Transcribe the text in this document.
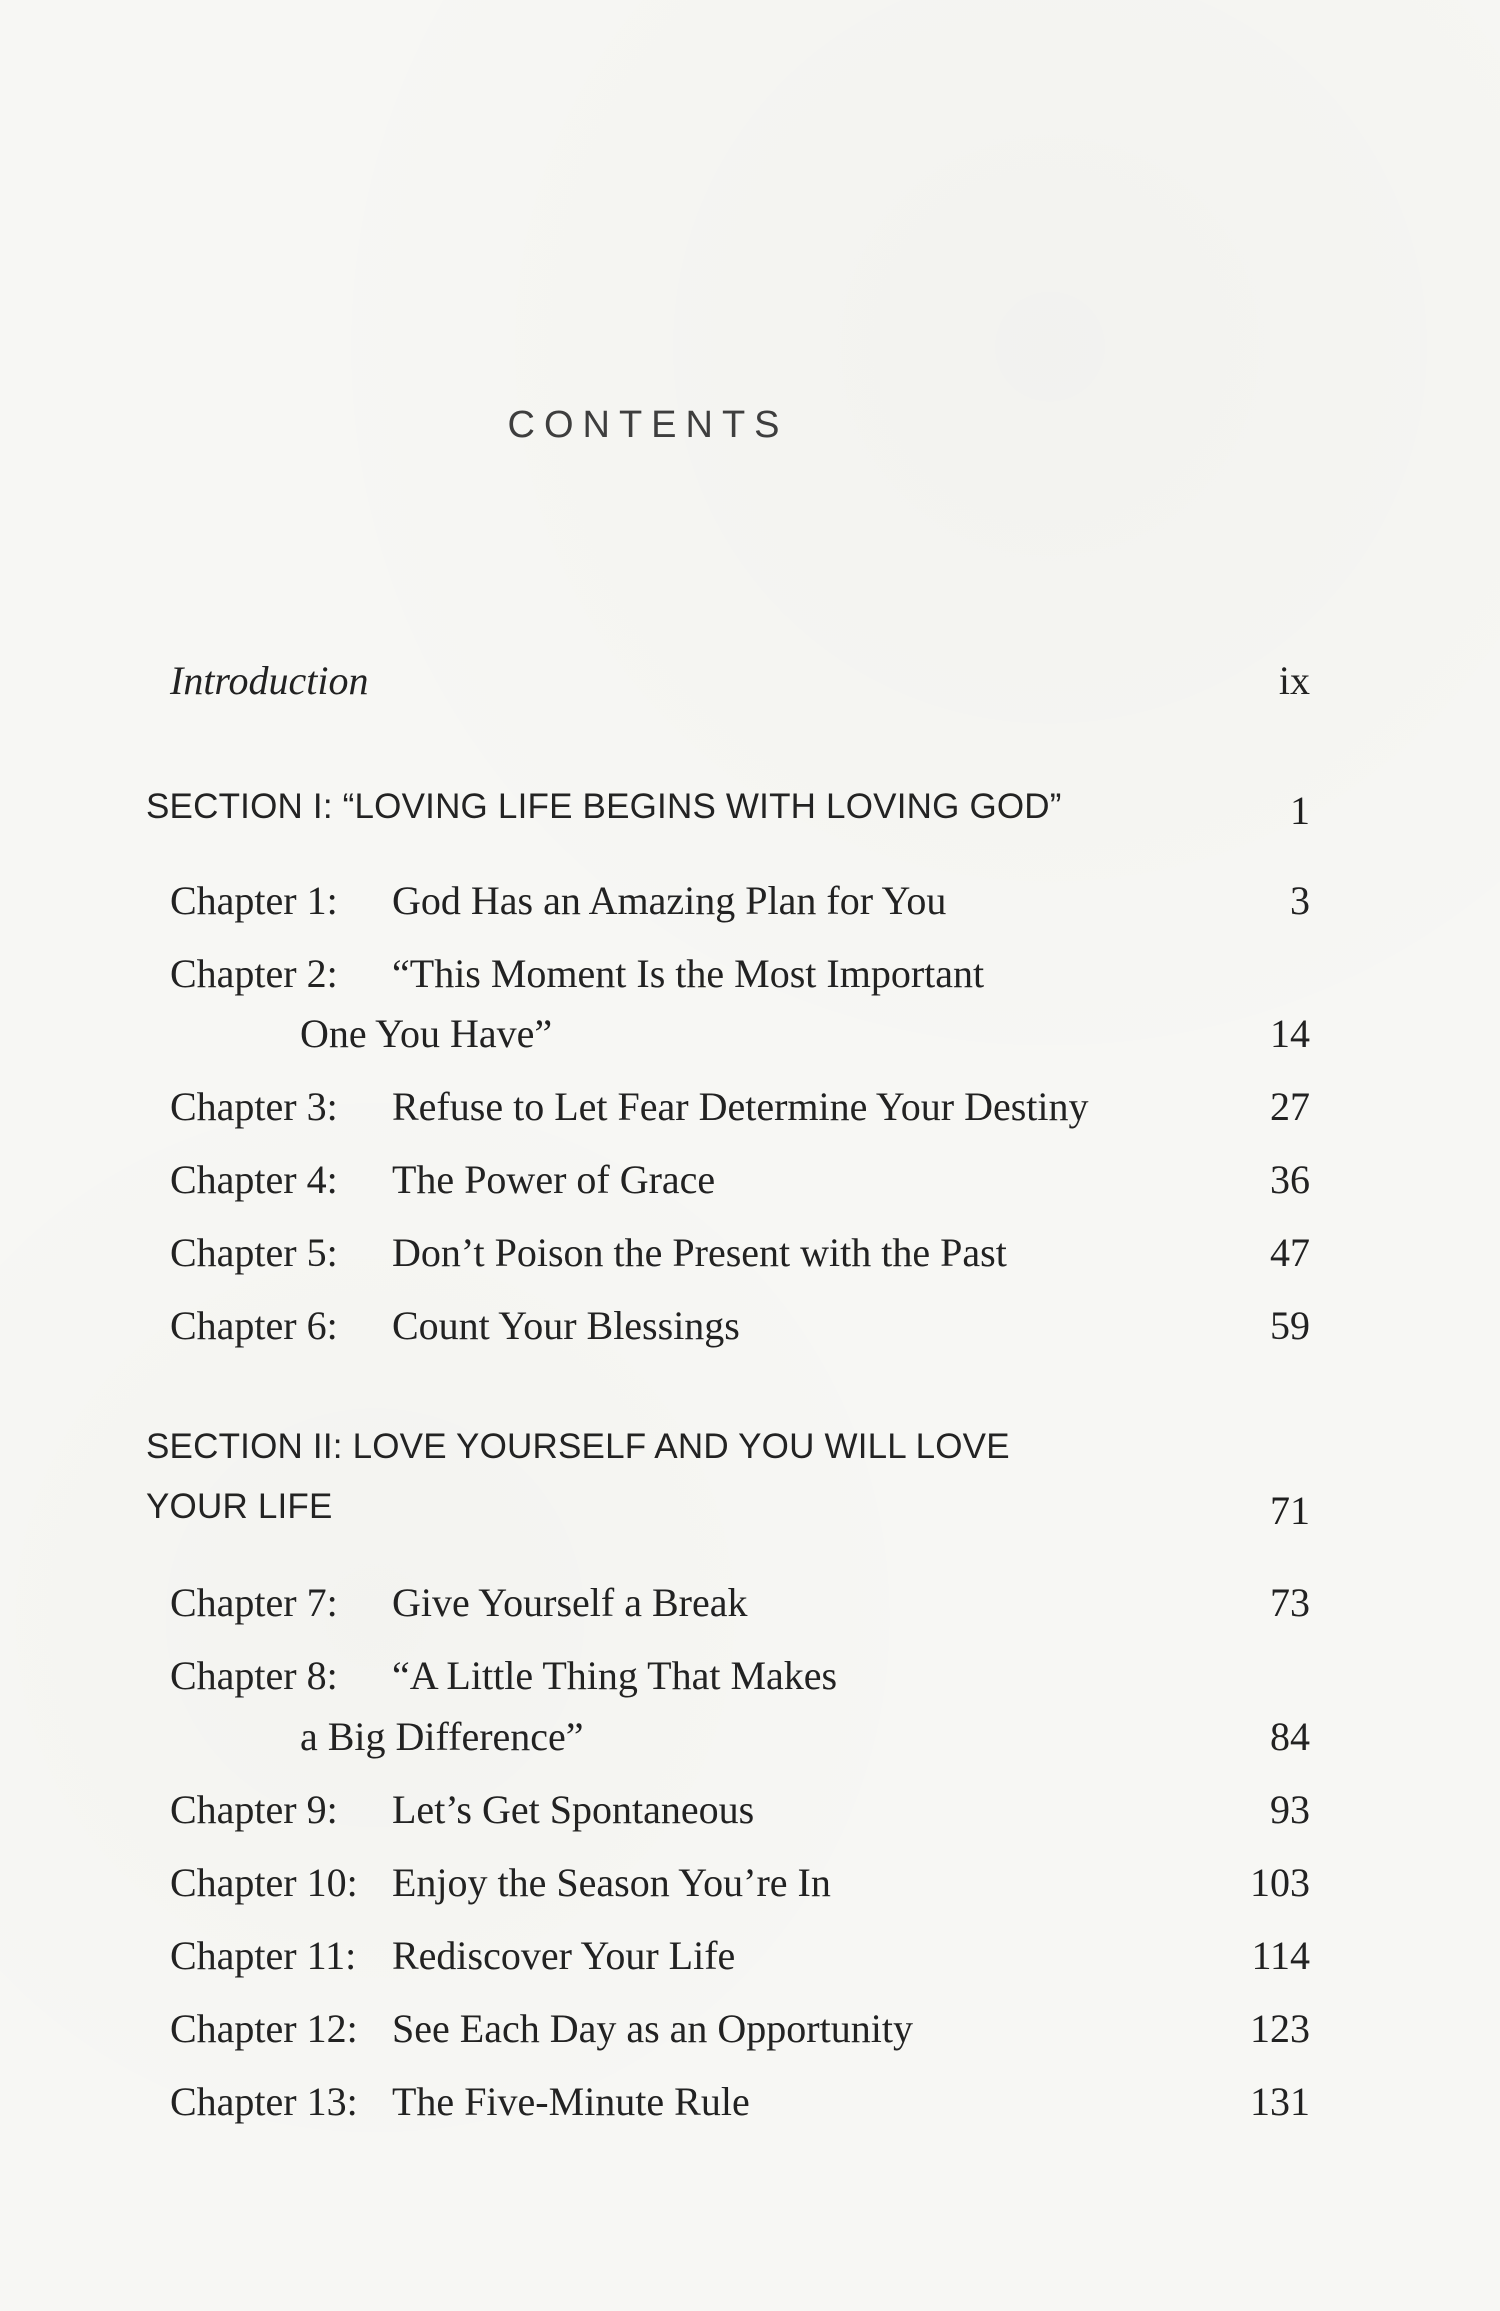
CONTENTS
Introduction	ix
SECTION I: “LOVING LIFE BEGINS WITH LOVING GOD”	1
Chapter 1: God Has an Amazing Plan for You	3
Chapter 2: “This Moment Is the Most Important
One You Have”	14
Chapter 3: Refuse to Let Fear Determine Your Destiny	27
Chapter 4: The Power of Grace	36
Chapter 5: Don’t Poison the Present with the Past	47
Chapter 6: Count Your Blessings	59
SECTION II: LOVE YOURSELF AND YOU WILL LOVE
YOUR LIFE	71
Chapter 7: Give Yourself a Break	73
Chapter 8: “A Little Thing That Makes
a Big Difference”	84
Chapter 9: Let’s Get Spontaneous	93
Chapter 10: Enjoy the Season You’re In	103
Chapter 11: Rediscover Your Life	114
Chapter 12: See Each Day as an Opportunity	123
Chapter 13: The Five-Minute Rule	131
